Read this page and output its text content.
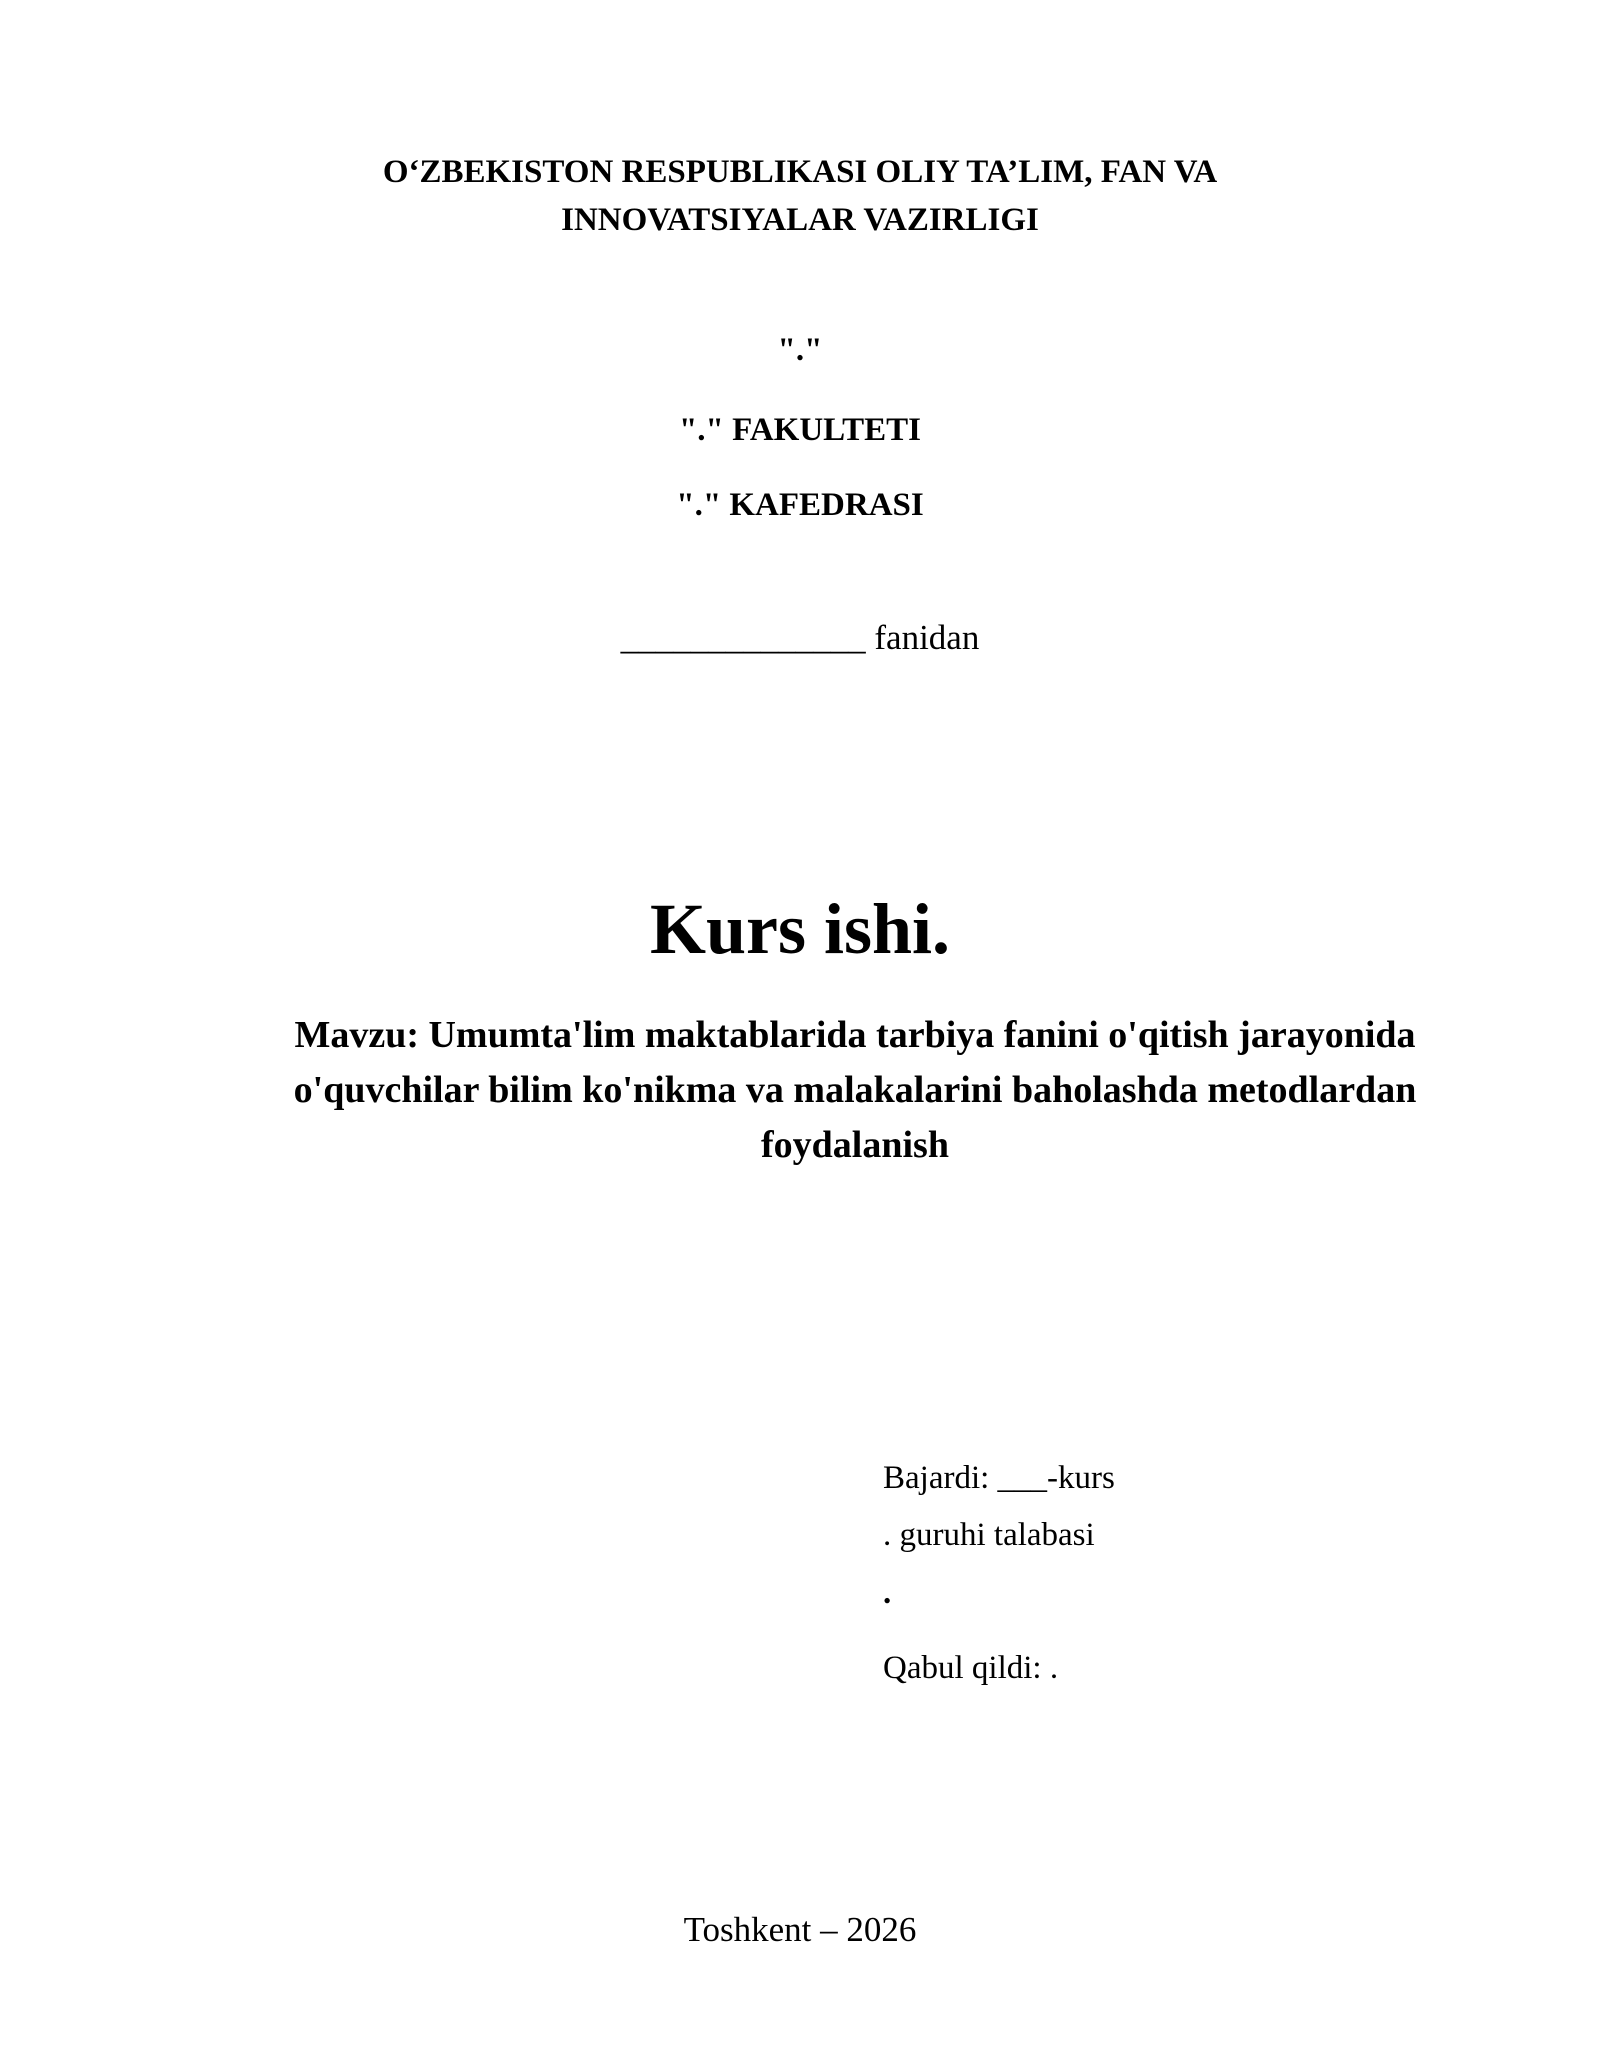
O‘ZBEKISTON RESPUBLIKASI OLIY TA’LIM, FAN VA
INNOVATSIYALAR VAZIRLIGI
"."
"." FAKULTETI
"." KAFEDRASI
______________ fanidan
Kurs ishi.
Mavzu: Umumta'lim maktablarida tarbiya fanini o'qitish jarayonida
o'quvchilar bilim ko'nikma va malakalarini baholashda metodlardan
foydalanish
Bajardi: ___-kurs
. guruhi talabasi
.
Qabul qildi: .
Toshkent – 2026
